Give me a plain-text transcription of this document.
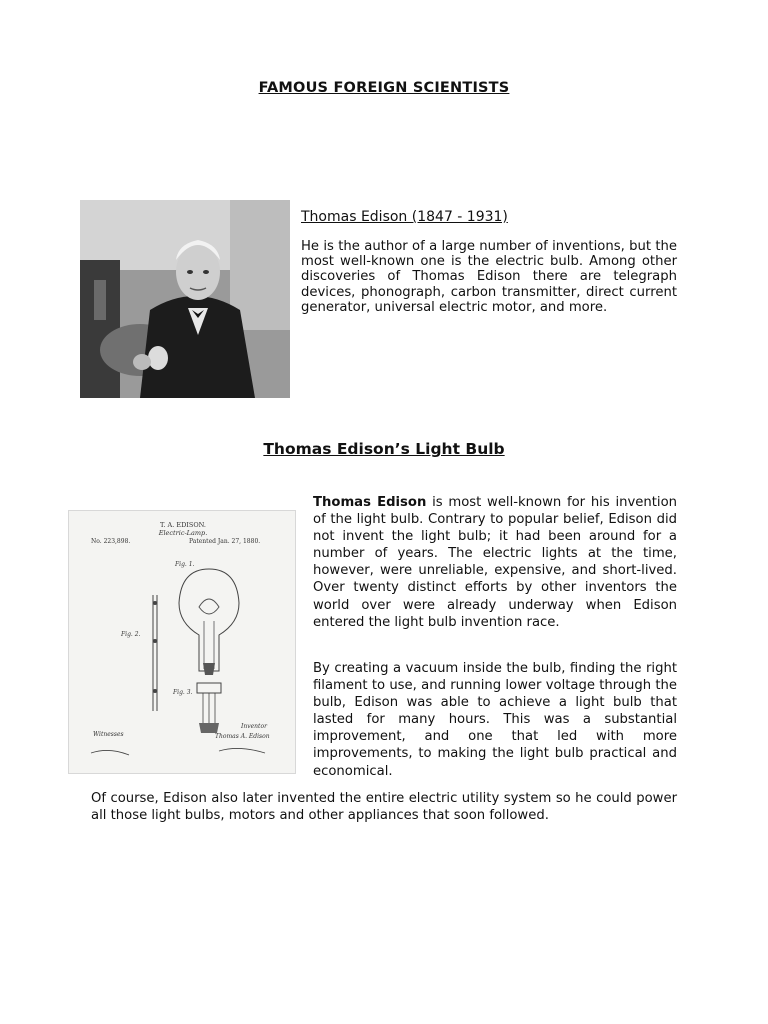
FAMOUS FOREIGN SCIENTISTS
Thomas Edison (1847 - 1931)

He is the author of a large number of inventions, but the most well-known one is the electric bulb. Among other discoveries of Thomas Edison there are telegraph devices, phonograph, carbon transmitter, direct current generator, universal electric motor, and more.

Thomas Edison’s Light Bulb
T. A. EDISON.
Electric-Lamp.
No. 223,898.	Patented Jan. 27, 1880.
Fig. 1.
Fig. 2.
Fig. 3.
Witnesses
Inventor
Thomas A. Edison

Thomas Edison is most well-known for his invention of the light bulb. Contrary to popular belief, Edison did not invent the light bulb; it had been around for a number of years. The electric lights at the time, however, were unreliable, expensive, and short-lived. Over twenty distinct efforts by other inventors the world over were already underway when Edison entered the light bulb invention race.

By creating a vacuum inside the bulb, finding the right filament to use, and running lower voltage through the bulb, Edison was able to achieve a light bulb that lasted for many hours. This was a substantial improvement, and one that led with more improvements, to making the light bulb practical and economical.

Of course, Edison also later invented the entire electric utility system so he could power all those light bulbs, motors and other appliances that soon followed.
